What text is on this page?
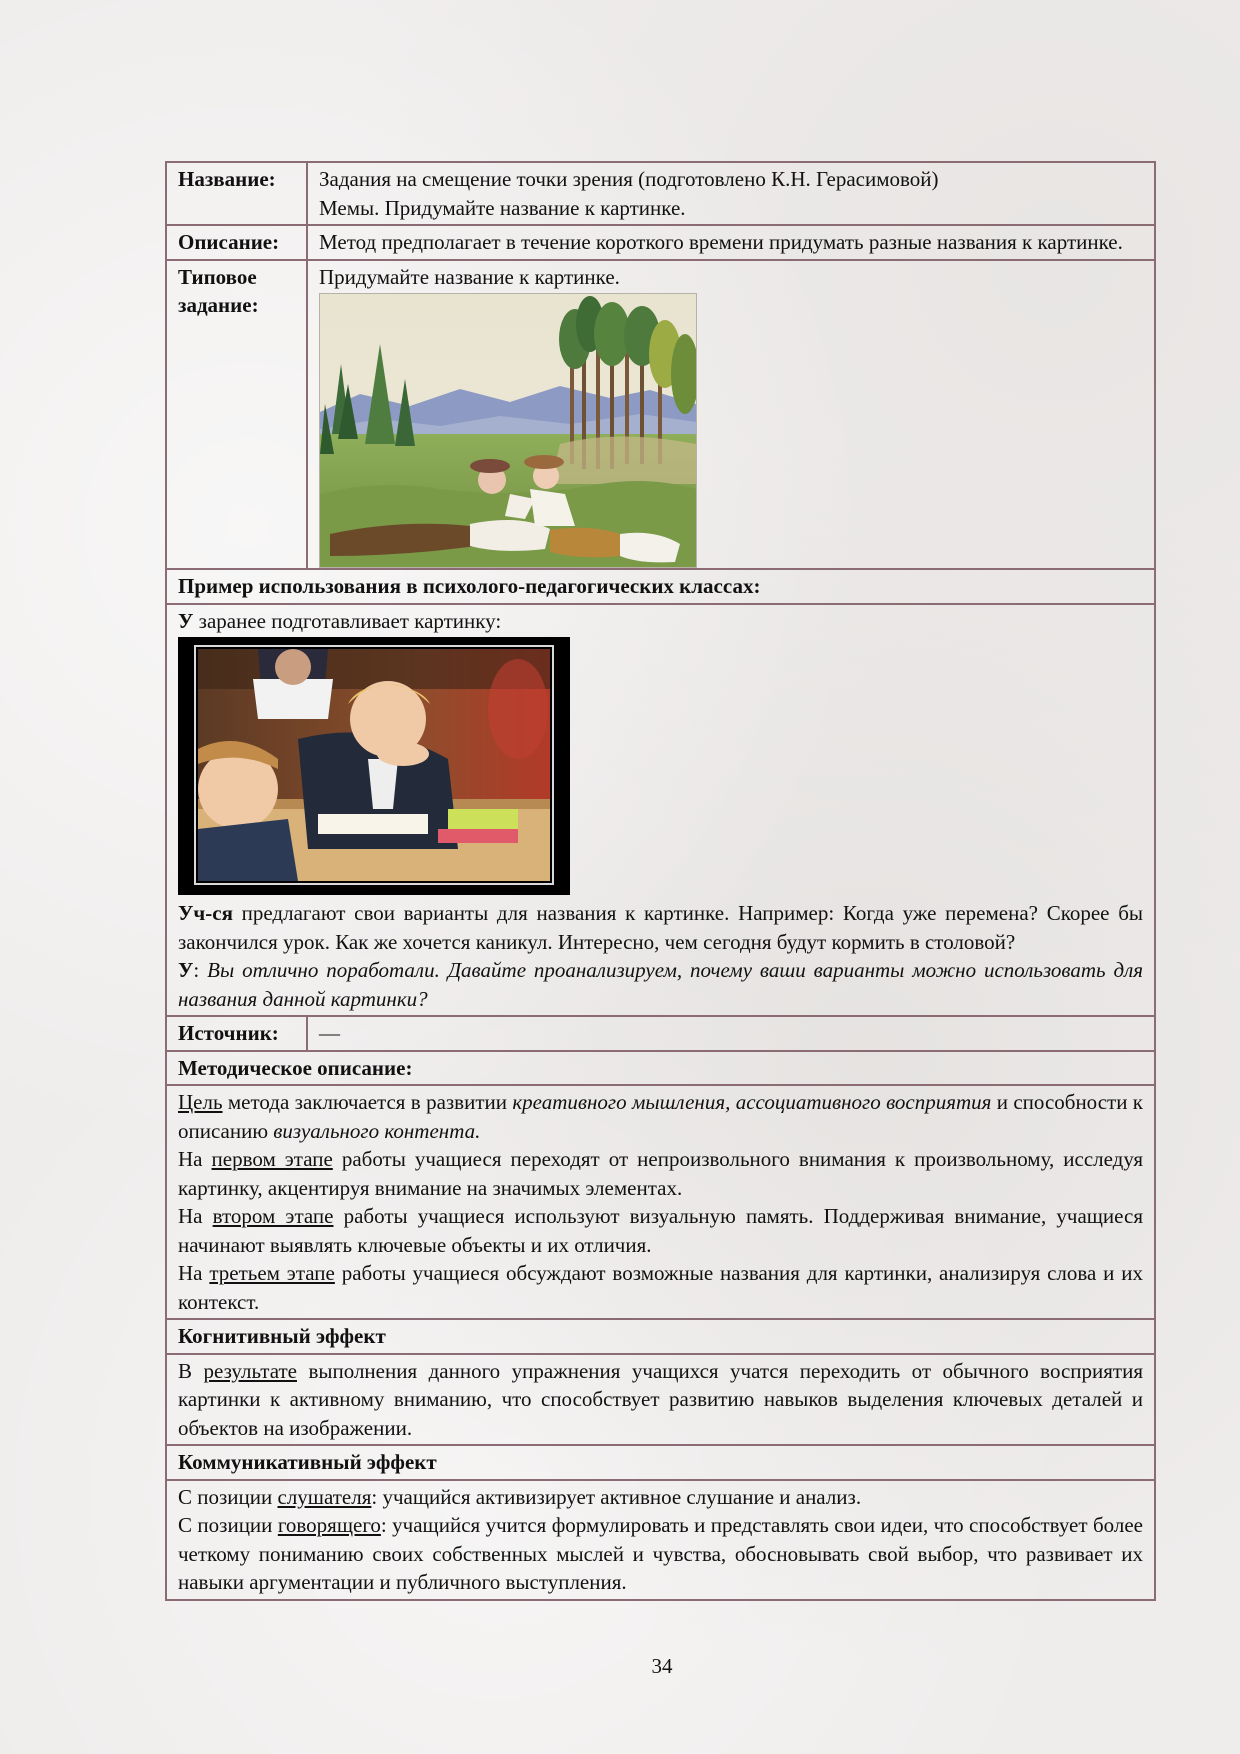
Название:	Задания на смещение точки зрения (подготовлено К.Н. Герасимовой)

Мемы. Придумайте название к картинке.

Описание:	Метод предполагает в течение короткого времени придумать разные названия к картинке.
Типовое
задание:	Придумайте название к картинке.

Пример использования в психолого-педагогических классах:	

У заранее подготавливает картинку:

Уч-ся предлагают свои варианты для названия к картинке. Например: Когда уже перемена? Скорее бы закончился урок. Как же хочется каникул. Интересно, чем сегодня будут кормить в столовой?

У: Вы отлично поработали. Давайте проанализируем, почему ваши варианты можно использовать для названия данной картинки?	

Источник:	—
Методическое описание:	

Цель метода заключается в развитии креативного мышления, ассоциативного восприятия и способности к описанию визуального контента.

На первом этапе работы учащиеся переходят от непроизвольного внимания к произвольному, исследуя картинку, акцентируя внимание на значимых элементах.

На втором этапе работы учащиеся используют визуальную память. Поддерживая внимание, учащиеся начинают выявлять ключевые объекты и их отличия.

На третьем этапе работы учащиеся обсуждают возможные названия для картинки, анализируя слова и их контекст.	

Когнитивный эффект	

В результате выполнения данного упражнения учащихся учатся переходить от обычного восприятия картинки к активному вниманию, что способствует развитию навыков выделения ключевых деталей и объектов на изображении.	

Коммуникативный эффект	

С позиции слушателя: учащийся активизирует активное слушание и анализ.

С позиции говорящего: учащийся учится формулировать и представлять свои идеи, что способствует более четкому пониманию своих собственных мыслей и чувства, обосновывать свой выбор, что развивает их навыки аргументации и публичного выступления.	

34
